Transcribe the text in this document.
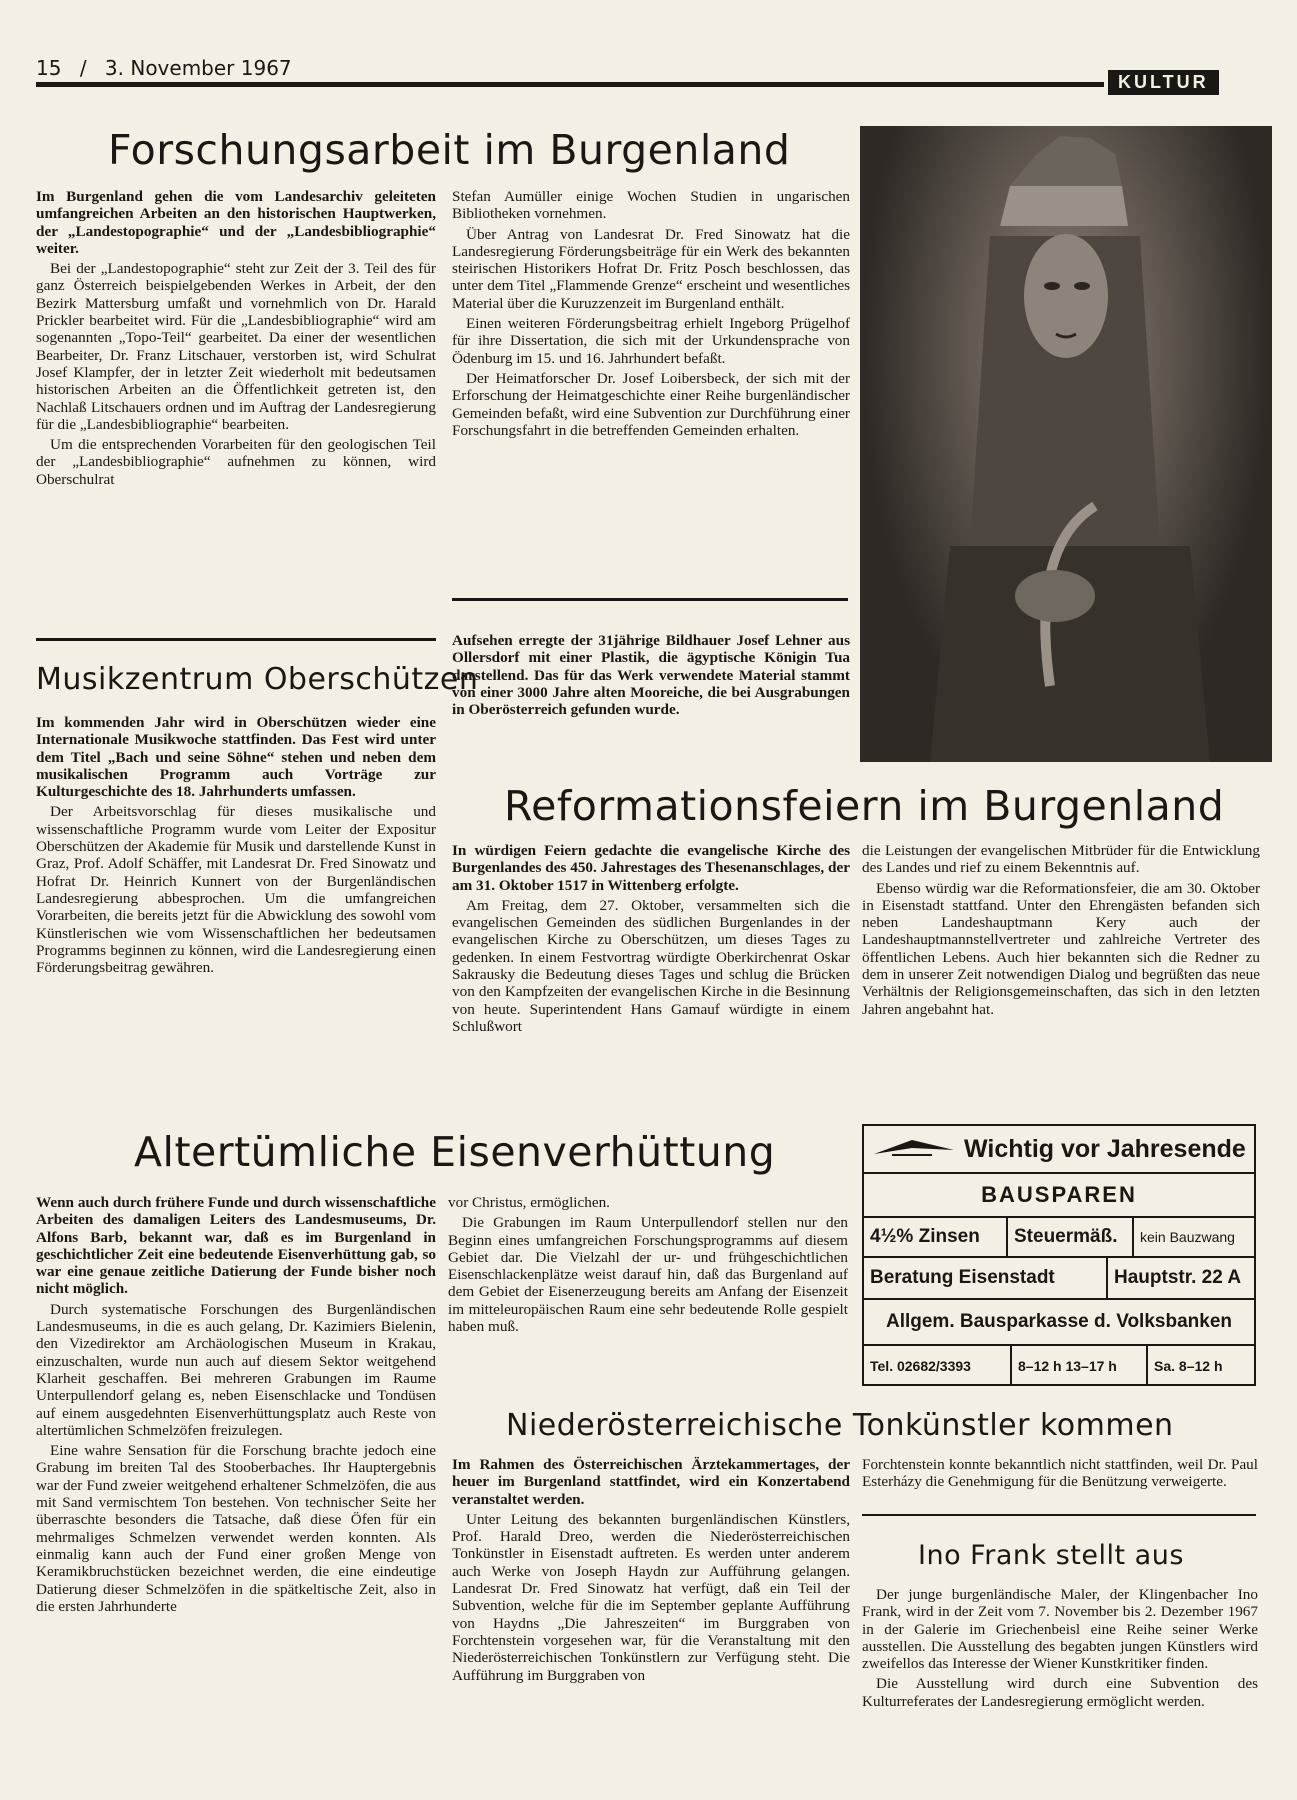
15 / 3. November 1967
KULTUR
Forschungsarbeit im Burgenland

Im Burgenland gehen die vom Landesarchiv geleiteten umfangreichen Arbeiten an den historischen Hauptwerken, der „Landestopographie“ und der „Landesbibliographie“ weiter.

Bei der „Landestopographie“ steht zur Zeit der 3. Teil des für ganz Österreich beispielgebenden Werkes in Arbeit, der den Bezirk Mattersburg umfaßt und vornehmlich von Dr. Harald Prickler bearbeitet wird. Für die „Landesbibliographie“ wird am sogenannten „Topo-Teil“ gearbeitet. Da einer der wesentlichen Bearbeiter, Dr. Franz Litschauer, verstorben ist, wird Schulrat Josef Klampfer, der in letzter Zeit wiederholt mit bedeutsamen historischen Arbeiten an die Öffentlichkeit getreten ist, den Nachlaß Litschauers ordnen und im Auftrag der Landesregierung für die „Landesbibliographie“ bearbeiten.

Um die entsprechenden Vorarbeiten für den geologischen Teil der „Landesbibliographie“ aufnehmen zu können, wird Oberschulrat

Stefan Aumüller einige Wochen Studien in ungarischen Bibliotheken vornehmen.

Über Antrag von Landesrat Dr. Fred Sinowatz hat die Landesregierung Förderungsbeiträge für ein Werk des bekannten steirischen Historikers Hofrat Dr. Fritz Posch beschlossen, das unter dem Titel „Flammende Grenze“ erscheint und wesentliches Material über die Kuruzzenzeit im Burgenland enthält.

Einen weiteren Förderungsbeitrag erhielt Ingeborg Prügelhof für ihre Dissertation, die sich mit der Urkundensprache von Ödenburg im 15. und 16. Jahrhundert befaßt.

Der Heimatforscher Dr. Josef Loibersbeck, der sich mit der Erforschung der Heimatgeschichte einer Reihe burgenländischer Gemeinden befaßt, wird eine Subvention zur Durchführung einer Forschungsfahrt in die betreffenden Gemeinden erhalten.

Aufsehen erregte der 31jährige Bildhauer Josef Lehner aus Ollersdorf mit einer Plastik, die ägyptische Königin Tua darstellend. Das für das Werk verwendete Material stammt von einer 3000 Jahre alten Mooreiche, die bei Ausgrabungen in Oberösterreich gefunden wurde.

Musikzentrum Oberschützen

Im kommenden Jahr wird in Oberschützen wieder eine Internationale Musikwoche stattfinden. Das Fest wird unter dem Titel „Bach und seine Söhne“ stehen und neben dem musikalischen Programm auch Vorträge zur Kulturgeschichte des 18. Jahrhunderts umfassen.

Der Arbeitsvorschlag für dieses musikalische und wissenschaftliche Programm wurde vom Leiter der Expositur Oberschützen der Akademie für Musik und darstellende Kunst in Graz, Prof. Adolf Schäffer, mit Landesrat Dr. Fred Sinowatz und Hofrat Dr. Heinrich Kunnert von der Burgenländischen Landesregierung abbesprochen. Um die umfangreichen Vorarbeiten, die bereits jetzt für die Abwicklung des sowohl vom Künstlerischen wie vom Wissenschaftlichen her bedeutsamen Programms beginnen zu können, wird die Landesregierung einen Förderungsbeitrag gewähren.

Reformationsfeiern im Burgenland

In würdigen Feiern gedachte die evangelische Kirche des Burgenlandes des 450. Jahrestages des Thesenanschlages, der am 31. Oktober 1517 in Wittenberg erfolgte.

Am Freitag, dem 27. Oktober, versammelten sich die evangelischen Gemeinden des südlichen Burgenlandes in der evangelischen Kirche zu Oberschützen, um dieses Tages zu gedenken. In einem Festvortrag würdigte Oberkirchenrat Oskar Sakrausky die Bedeutung dieses Tages und schlug die Brücken von den Kampfzeiten der evangelischen Kirche in die Besinnung von heute. Superintendent Hans Gamauf würdigte in einem Schlußwort

die Leistungen der evangelischen Mitbrüder für die Entwicklung des Landes und rief zu einem Bekenntnis auf.

Ebenso würdig war die Reformationsfeier, die am 30. Oktober in Eisenstadt stattfand. Unter den Ehrengästen befanden sich neben Landeshauptmann Kery auch der Landeshauptmannstellvertreter und zahlreiche Vertreter des öffentlichen Lebens. Auch hier bekannten sich die Redner zu dem in unserer Zeit notwendigen Dialog und begrüßten das neue Verhältnis der Religionsgemeinschaften, das sich in den letzten Jahren angebahnt hat.

Altertümliche Eisenverhüttung

Wenn auch durch frühere Funde und durch wissenschaftliche Arbeiten des damaligen Leiters des Landesmuseums, Dr. Alfons Barb, bekannt war, daß es im Burgenland in geschichtlicher Zeit eine bedeutende Eisenverhüttung gab, so war eine genaue zeitliche Datierung der Funde bisher noch nicht möglich.

Durch systematische Forschungen des Burgenländischen Landesmuseums, in die es auch gelang, Dr. Kazimiers Bielenin, den Vizedirektor am Archäologischen Museum in Krakau, einzuschalten, wurde nun auch auf diesem Sektor weitgehend Klarheit geschaffen. Bei mehreren Grabungen im Raume Unterpullendorf gelang es, neben Eisenschlacke und Tondüsen auf einem ausgedehnten Eisenverhüttungsplatz auch Reste von altertümlichen Schmelzöfen freizulegen.

Eine wahre Sensation für die Forschung brachte jedoch eine Grabung im breiten Tal des Stooberbaches. Ihr Hauptergebnis war der Fund zweier weitgehend erhaltener Schmelzöfen, die aus mit Sand vermischtem Ton bestehen. Von technischer Seite her überraschte besonders die Tatsache, daß diese Öfen für ein mehrmaliges Schmelzen verwendet werden konnten. Als einmalig kann auch der Fund einer großen Menge von Keramikbruchstücken bezeichnet werden, die eine eindeutige Datierung dieser Schmelzöfen in die spätkeltische Zeit, also in die ersten Jahrhunderte

vor Christus, ermöglichen.

Die Grabungen im Raum Unterpullendorf stellen nur den Beginn eines umfangreichen Forschungsprogramms auf diesem Gebiet dar. Die Vielzahl der ur- und frühgeschichtlichen Eisenschlackenplätze weist darauf hin, daß das Burgenland auf dem Gebiet der Eisenerzeugung bereits am Anfang der Eisenzeit im mitteleuropäischen Raum eine sehr bedeutende Rolle gespielt haben muß.

Wichtig vor Jahresende
BAUSPAREN
4½% Zinsen	Steuermäß.	kein Bauzwang
Beratung Eisenstadt	Hauptstr. 22 A
Allgem. Bausparkasse d. Volksbanken
Tel. 02682/3393	8–12 h 13–17 h	Sa. 8–12 h
Niederösterreichische Tonkünstler kommen

Im Rahmen des Österreichischen Ärztekammertages, der heuer im Burgenland stattfindet, wird ein Konzertabend veranstaltet werden.

Unter Leitung des bekannten burgenländischen Künstlers, Prof. Harald Dreo, werden die Niederösterreichischen Tonkünstler in Eisenstadt auftreten. Es werden unter anderem auch Werke von Joseph Haydn zur Aufführung gelangen. Landesrat Dr. Fred Sinowatz hat verfügt, daß ein Teil der Subvention, welche für die im September geplante Aufführung von Haydns „Die Jahreszeiten“ im Burggraben von Forchtenstein vorgesehen war, für die Veranstaltung mit den Niederösterreichischen Tonkünstlern zur Verfügung steht. Die Aufführung im Burggraben von

Forchtenstein konnte bekanntlich nicht stattfinden, weil Dr. Paul Esterházy die Genehmigung für die Benützung verweigerte.

Ino Frank stellt aus

Der junge burgenländische Maler, der Klingenbacher Ino Frank, wird in der Zeit vom 7. November bis 2. Dezember 1967 in der Galerie im Griechenbeisl eine Reihe seiner Werke ausstellen. Die Ausstellung des begabten jungen Künstlers wird zweifellos das Interesse der Wiener Kunstkritiker finden.

Die Ausstellung wird durch eine Subvention des Kulturreferates der Landesregierung ermöglicht werden.
